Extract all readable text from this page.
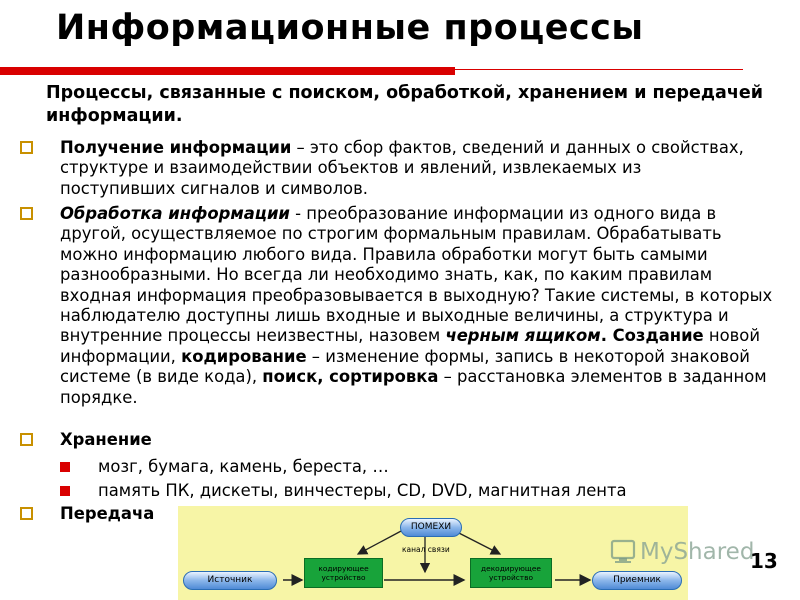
Информационные процессы
Процессы, связанные с поиском, обработкой, хранением и передачей информации.
Получение информации – это сбор фактов, сведений и данных о свойствах, структуре и взаимодействии объектов и явлений, извлекаемых из поступивших сигналов и символов.
Обработка информации - преобразование информации из одного вида в другой, осуществляемое по строгим формальным правилам. Обрабатывать можно информацию любого вида. Правила обработки могут быть самыми разнообразными. Но всегда ли необходимо знать, как, по каким правилам входная информация преобразовывается в выходную? Такие системы, в которых наблюдателю доступны лишь входные и выходные величины, а структура и внутренние процессы неизвестны, назовем черным ящиком. Создание новой информации, кодирование – изменение формы, запись в некоторой знаковой системе (в виде кода), поиск, сортировка – расстановка элементов в заданном порядке.
Хранение
мозг, бумага, камень, береста, …
память ПК, дискеты, винчестеры, CD, DVD, магнитная лента
Передача
ПОМЕХИ
канал связи
Источник
кодирующее устройство
декодирующее устройство	Приемник
MyShared
13
